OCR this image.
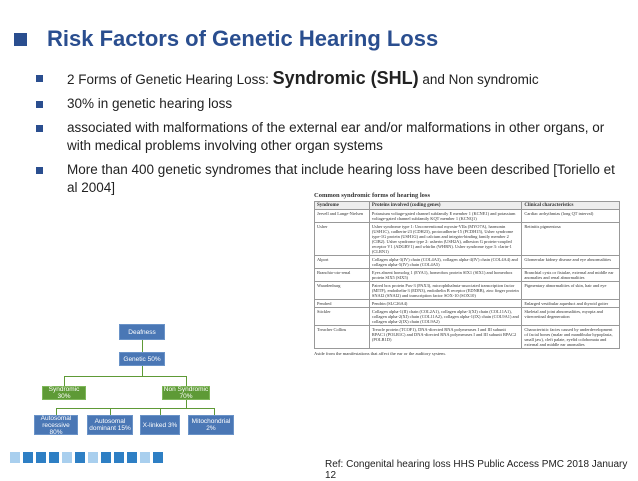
Risk Factors of Genetic Hearing Loss
2 Forms of Genetic Hearing Loss: Syndromic (SHL) and Non syndromic
30% in genetic hearing loss
associated with malformations of the external ear and/or malformations in other organs, or with medical problems involving other organ systems
More than 400 genetic syndromes that include hearing loss have been described [Toriello et al 2004]
Deafness
Genetic 50%
Syndromic 30%
Non Syndromic 70%
Autosomal recessive 80%
Autosomal dominant 15%	X-linked 3%	Mitochondrial 2%
Common syndromic forms of hearing loss
Syndrome	Proteins involved (coding genes)	Clinical characteristics
Jervell and Lange-Nielsen	Potassium voltage-gated channel subfamily E member 1 (KCNE1) and potassium voltage-gated channel subfamily KQT member 1 (KCNQ1)	Cardiac arrhythmias (long QT interval)
Usher	Usher syndrome type 1: Unconventional myosin-VIIa (MYO7A), harmonin (USH1C), cadherin-23 (CDH23), protocadherin-15 (PCDH15), Usher syndrome type-1G protein (USH1G) and calcium and integrin-binding family member 2 (CIB2). Usher syndrome type 2: usherin (USH2A), adhesion G protein-coupled receptor V1 (ADGRV1) and whirlin (WHRN). Usher syndrome type 3: clarin-1 (CLRN1)	Retinitis pigmentosa
Alport	Collagen alpha-3(IV) chain (COL4A3), collagen alpha-4(IV) chain (COL4A4) and collagen alpha-5(IV) chain (COL4A5)	Glomerular kidney disease and eye abnormalities
Branchio-oto-renal	Eyes absent homolog 1 (EYA1), homeobox protein SIX1 (SIX1) and homeobox protein SIX5 (SIX5)	Branchial cysts or fistulae, external and middle ear anomalies and renal abnormalities
Waardenburg	Paired box protein Pax-3 (PAX3), microphthalmia-associated transcription factor (MITF), endothelin-3 (EDN3), endothelin B receptor (EDNRB), zinc finger protein SNAI2 (SNAI2) and transcription factor SOX-10 (SOX10)	Pigmentary abnormalities of skin, hair and eye
Pendred	Pendrin (SLC26A4)	Enlarged vestibular aqueduct and thyroid goiter
Stickler	Collagen alpha-1(II) chain (COL2A1), collagen alpha-1(XI) chain (COL11A1), collagen alpha-2(XI) chain (COL11A2), collagen alpha-1(IX) chain (COL9A1) and collagen alpha-2(IX) chain (COL9A2)	Skeletal and joint abnormalities, myopia and vitreoretinal degeneration
Treacher Collins	Treacle protein (TCOF1), DNA-directed RNA polymerases I and III subunit RPAC1 (POLR1C) and DNA-directed RNA polymerases I and III subunit RPAC2 (POLR1D)	Characteristic facies caused by underdevelopment of facial bones (malar and mandibular hypoplasia, small jaw), cleft palate, eyelid colobomata and external and middle ear anomalies
Aside from the manifestations that affect the ear or the auditory system.
Ref: Congenital hearing loss HHS Public Access PMC 2018 January 12
